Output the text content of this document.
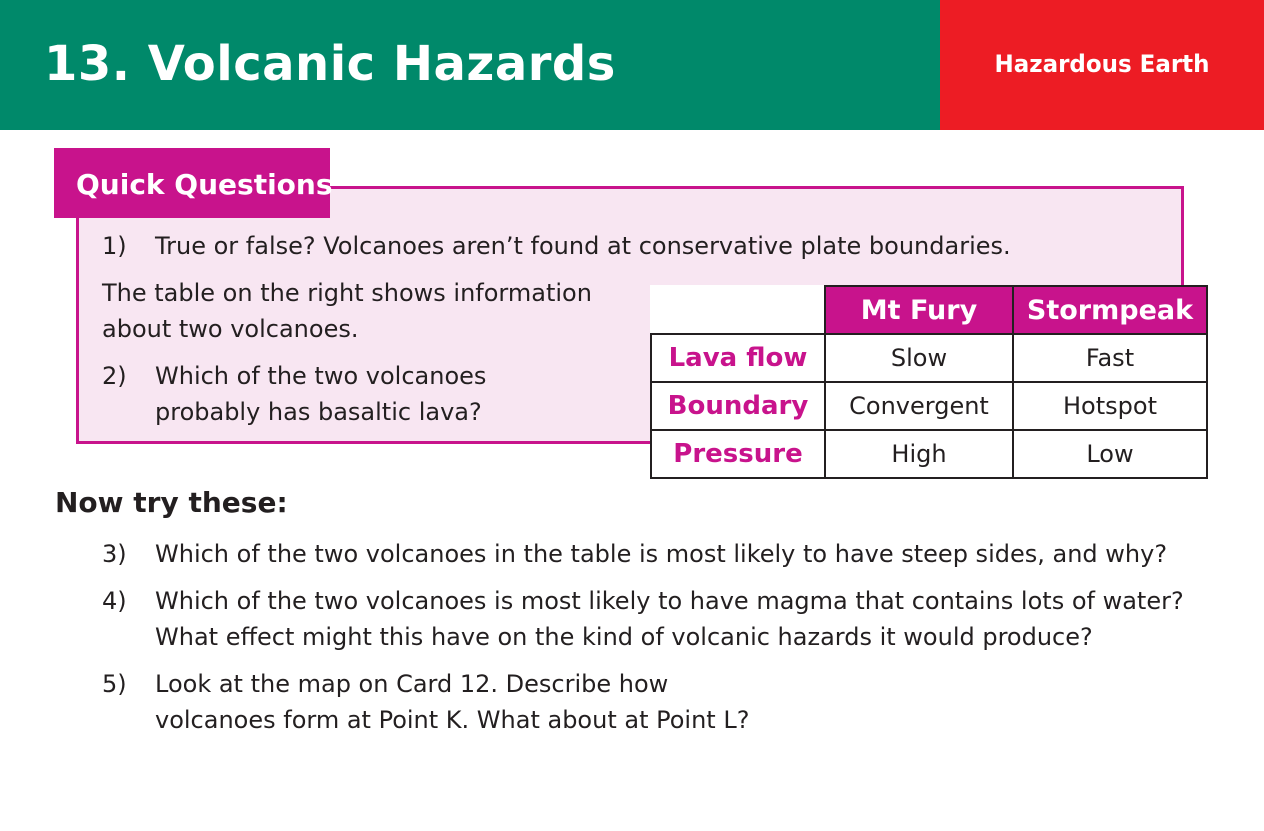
13. Volcanic Hazards	Hazardous Earth
Quick Questions
1) True or false? Volcanoes aren’t found at conservative plate boundaries.
The table on the right shows information
about two volcanoes.
2) Which of the two volcanoes
probably has basaltic lava?
	Mt Fury	Stormpeak
Lava flow	Slow	Fast
Boundary	Convergent	Hotspot
Pressure	High	Low
Now try these:
3) Which of the two volcanoes in the table is most likely to have steep sides, and why?
4) Which of the two volcanoes is most likely to have magma that contains lots of water?
What effect might this have on the kind of volcanic hazards it would produce?
5) Look at the map on Card 12. Describe how
volcanoes form at Point K. What about at Point L?
